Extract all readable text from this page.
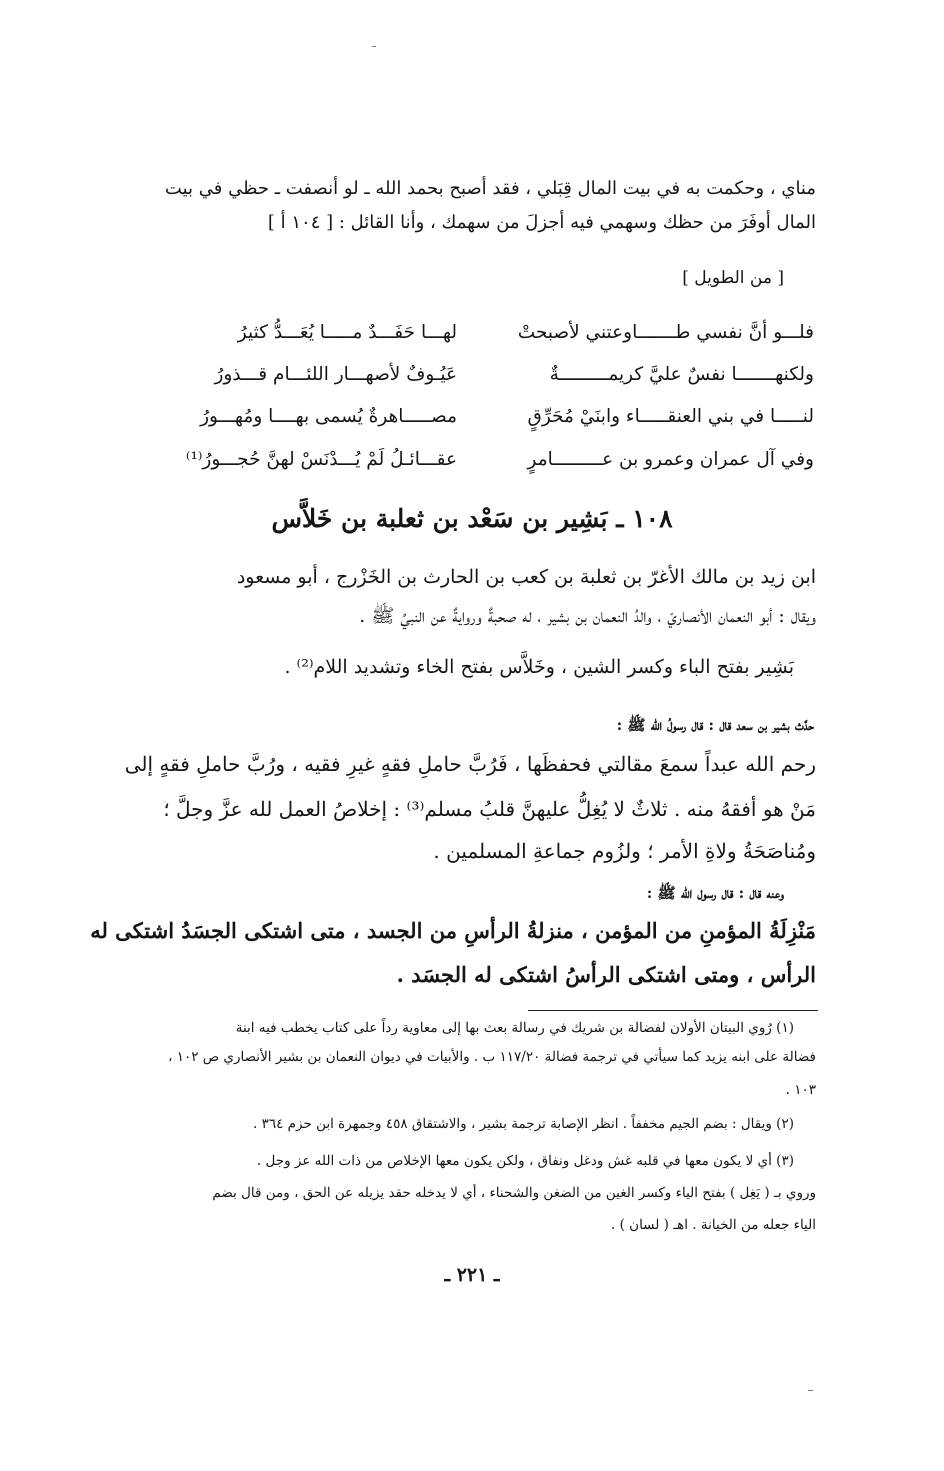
مناي ، وحكمت به في بيت المال قِبَلي ، فقد أصبح بحمد الله ـ لو أنصفت ـ حظي في بيت
المال أوفَرَ من حظك وسهمي فيه أجزلَ من سهمك ، وأنا القائل : [ ١٠٤ أ ]
[ من الطويل ]
فلـــو أنَّ نفسي طـــــــاوعتني لأصبحتْ
لهـــا حَفَـــدٌ مـــــا يُعَـــدُّ كثيرُ
ولكنهـــــــا نفسٌ عليَّ كريمـــــــــةٌ
عَيُـوفٌ لأصهـــار اللئـــام قـــذورُ
لنـــــا في بني العنقـــــاء وابنَيْ مُحَرِّقٍ
مصـــــاهرةٌ يُسمى بهــــا ومُهـــورُ
وفي آل عمران وعمرو بن عـــــــــامرٍ
عقـــائـلُ لَمْ يُـــدْنَسْ لهنَّ حُجـــورُ⁽¹⁾
١٠٨ ـ بَشِير بن سَعْد بن ثعلبة بن خَلاَّس
ابن زيد بن مالك الأغرّ بن ثعلبة بن كعب بن الحارث بن الخَزْرج ، أبو مسعود
ويقال : أبو النعمان الأنصاريّ ، والدُ النعمان بن بشير ، له صحبةٌ وروايةٌ عن النبيِّ ﷺ .
بَشِير بفتح الباء وكسر الشين ، وخَلاَّس بفتح الخاء وتشديد اللام⁽²⁾ .
حدَّث بشير بن سعد قال : قال رسولُ الله ﷺ :
رحم الله عبداً سمعَ مقالتي فحفظَها ، فَرُبَّ حاملِ فقهٍ غيرِ فقيه ، ورُبَّ حاملِ فقهٍ إلى
مَنْ هو أفقهُ منه . ثلاثٌ لا يُغِلُّ عليهنَّ قلبُ مسلم⁽³⁾ : إخلاصُ العمل لله عزَّ وجلَّ ؛
ومُناصَحَةُ ولاةِ الأمر ؛ ولزُوم جماعةِ المسلمين .
وعنه قال : قال رسول الله ﷺ :
مَنْزِلَةُ المؤمنِ من المؤمن ، منزلةُ الرأسِ من الجسد ، متى اشتكى الجسَدُ اشتكى له
الرأس ، ومتى اشتكى الرأسُ اشتكى له الجسَد .
(١) رُوي البيتان الأولان لفضالة بن شريك في رسالة بعث بها إلى معاوية رداً على كتاب يخطب فيه ابنة
فضالة على ابنه يزيد كما سيأتي في ترجمة فضالة ١١٧/٢٠ ب . والأبيات في ديوان النعمان بن بشير الأنصاري ص ١٠٢ ،
١٠٣ .
(٢) ويقال : بضم الجيم مخففاً . انظر الإصابة ترجمة بشير ، والاشتقاق ٤٥٨ وجمهرة ابن حزم ٣٦٤ .
(٣) أي لا يكون معها في قلبه غش ودغل ونفاق ، ولكن يكون معها الإخلاص من ذات الله عز وجل .
وروي بـ ( يَغِل ) بفتح الياء وكسر الغين من الضغن والشحناء ، أي لا يدخله حقد يزيله عن الحق ، ومن قال بضم
الياء جعله من الخيانة . اهـ ( لسان ) .
ـ ٢٢١ ـ
